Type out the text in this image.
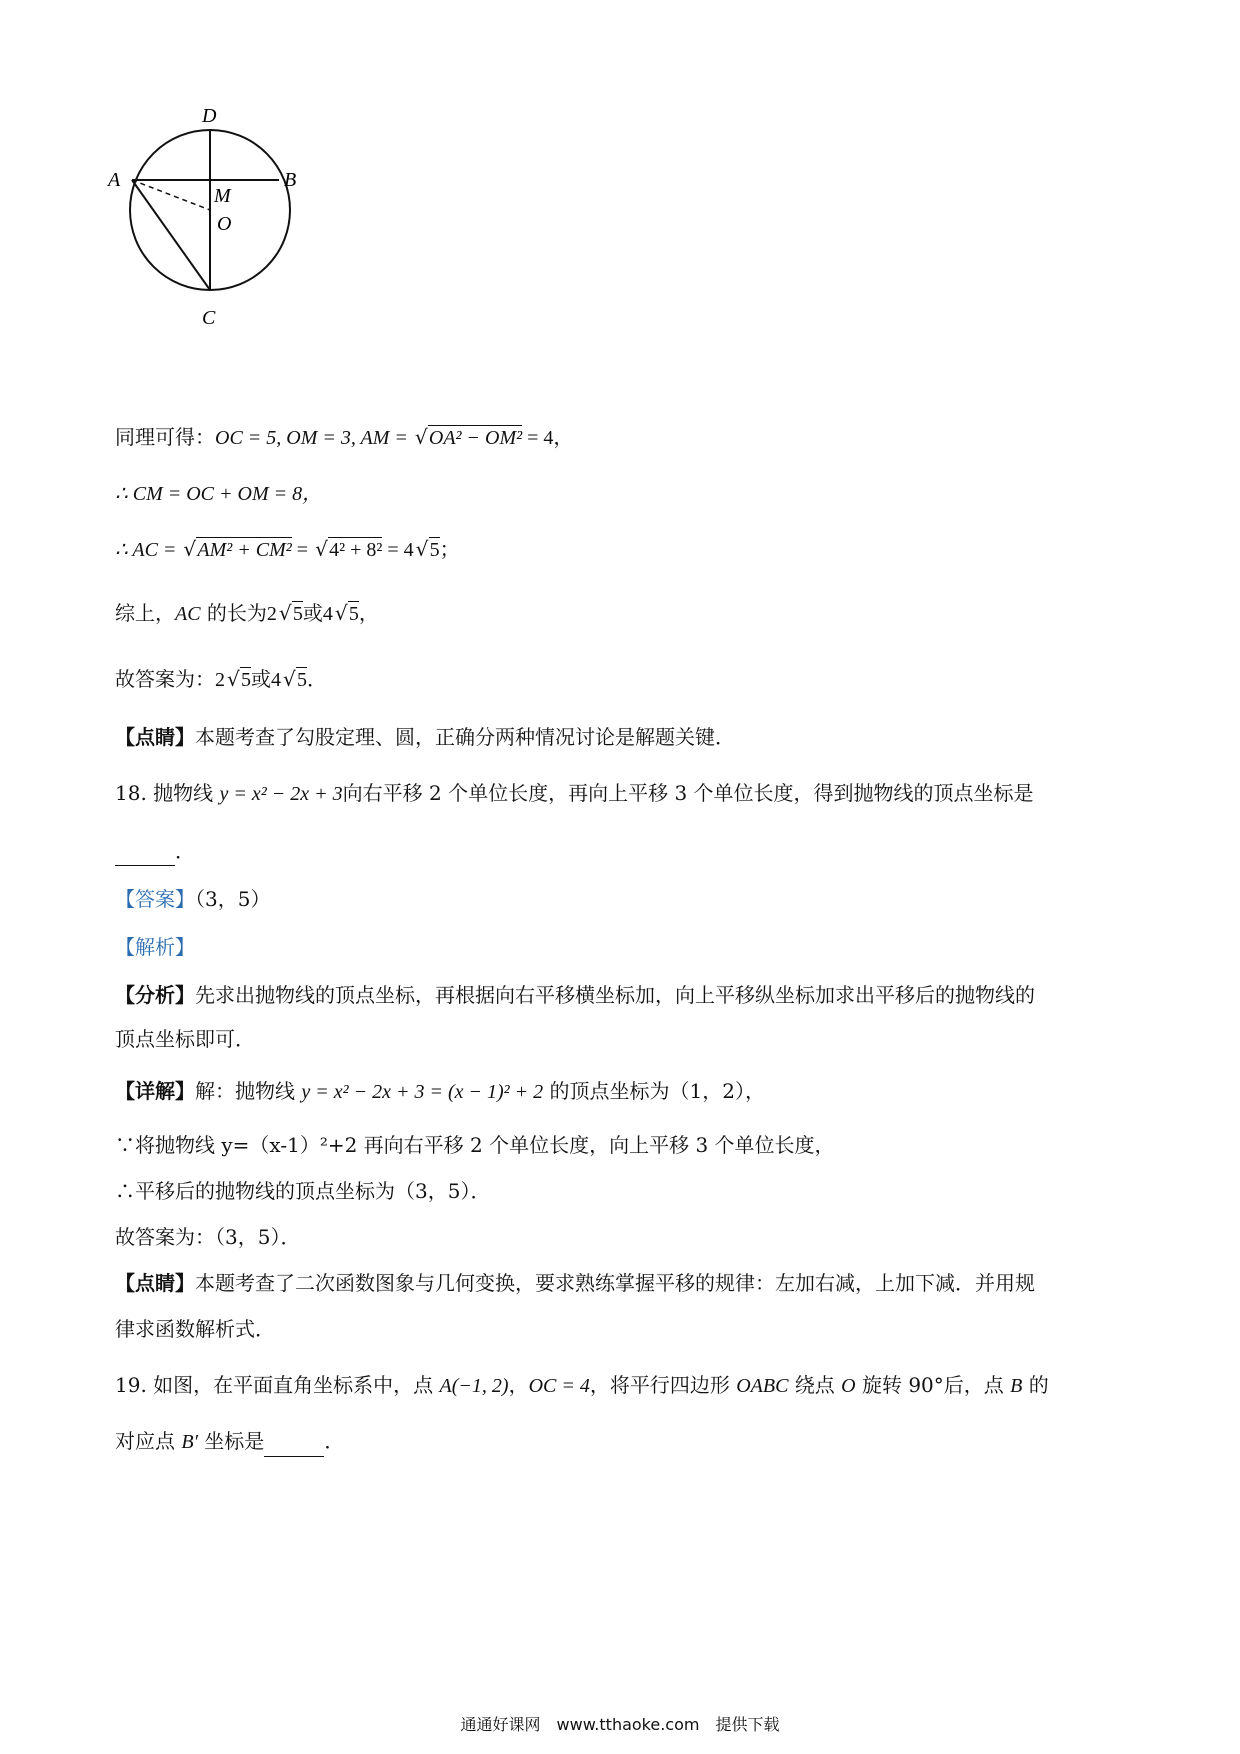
D
A	B
M
O
C
同理可得：OC = 5, OM = 3, AM = √ OA² − OM² = 4，
∴ CM = OC + OM = 8，
∴ AC = √ AM² + CM² = √ 4² + 8² = 4 √ 5；
综上，AC 的长为2 √ 5或4 √ 5，
故答案为：2 √ 5或4 √ 5．
【点睛】本题考查了勾股定理、圆，正确分两种情况讨论是解题关键．
18. 抛物线 y = x² − 2x + 3向右平移 2 个单位长度，再向上平移 3 个单位长度，得到抛物线的顶点坐标是
．
【答案】（3，5）
【解析】
【分析】先求出抛物线的顶点坐标，再根据向右平移横坐标加，向上平移纵坐标加求出平移后的抛物线的
顶点坐标即可．
【详解】解：抛物线 y = x² − 2x + 3 = (x − 1)² + 2 的顶点坐标为（1，2），
∵将抛物线 y=（x-1）²+2 再向右平移 2 个单位长度，向上平移 3 个单位长度，
∴平移后的抛物线的顶点坐标为（3，5）．
故答案为：（3，5）．
【点睛】本题考查了二次函数图象与几何变换，要求熟练掌握平移的规律：左加右减，上加下减．并用规
律求函数解析式．
19. 如图，在平面直角坐标系中，点 A(−1, 2)，OC = 4，将平行四边形 OABC 绕点 O 旋转 90°后，点 B 的
对应点 B′ 坐标是	．
通通好课网　www.tthaoke.com　提供下载
